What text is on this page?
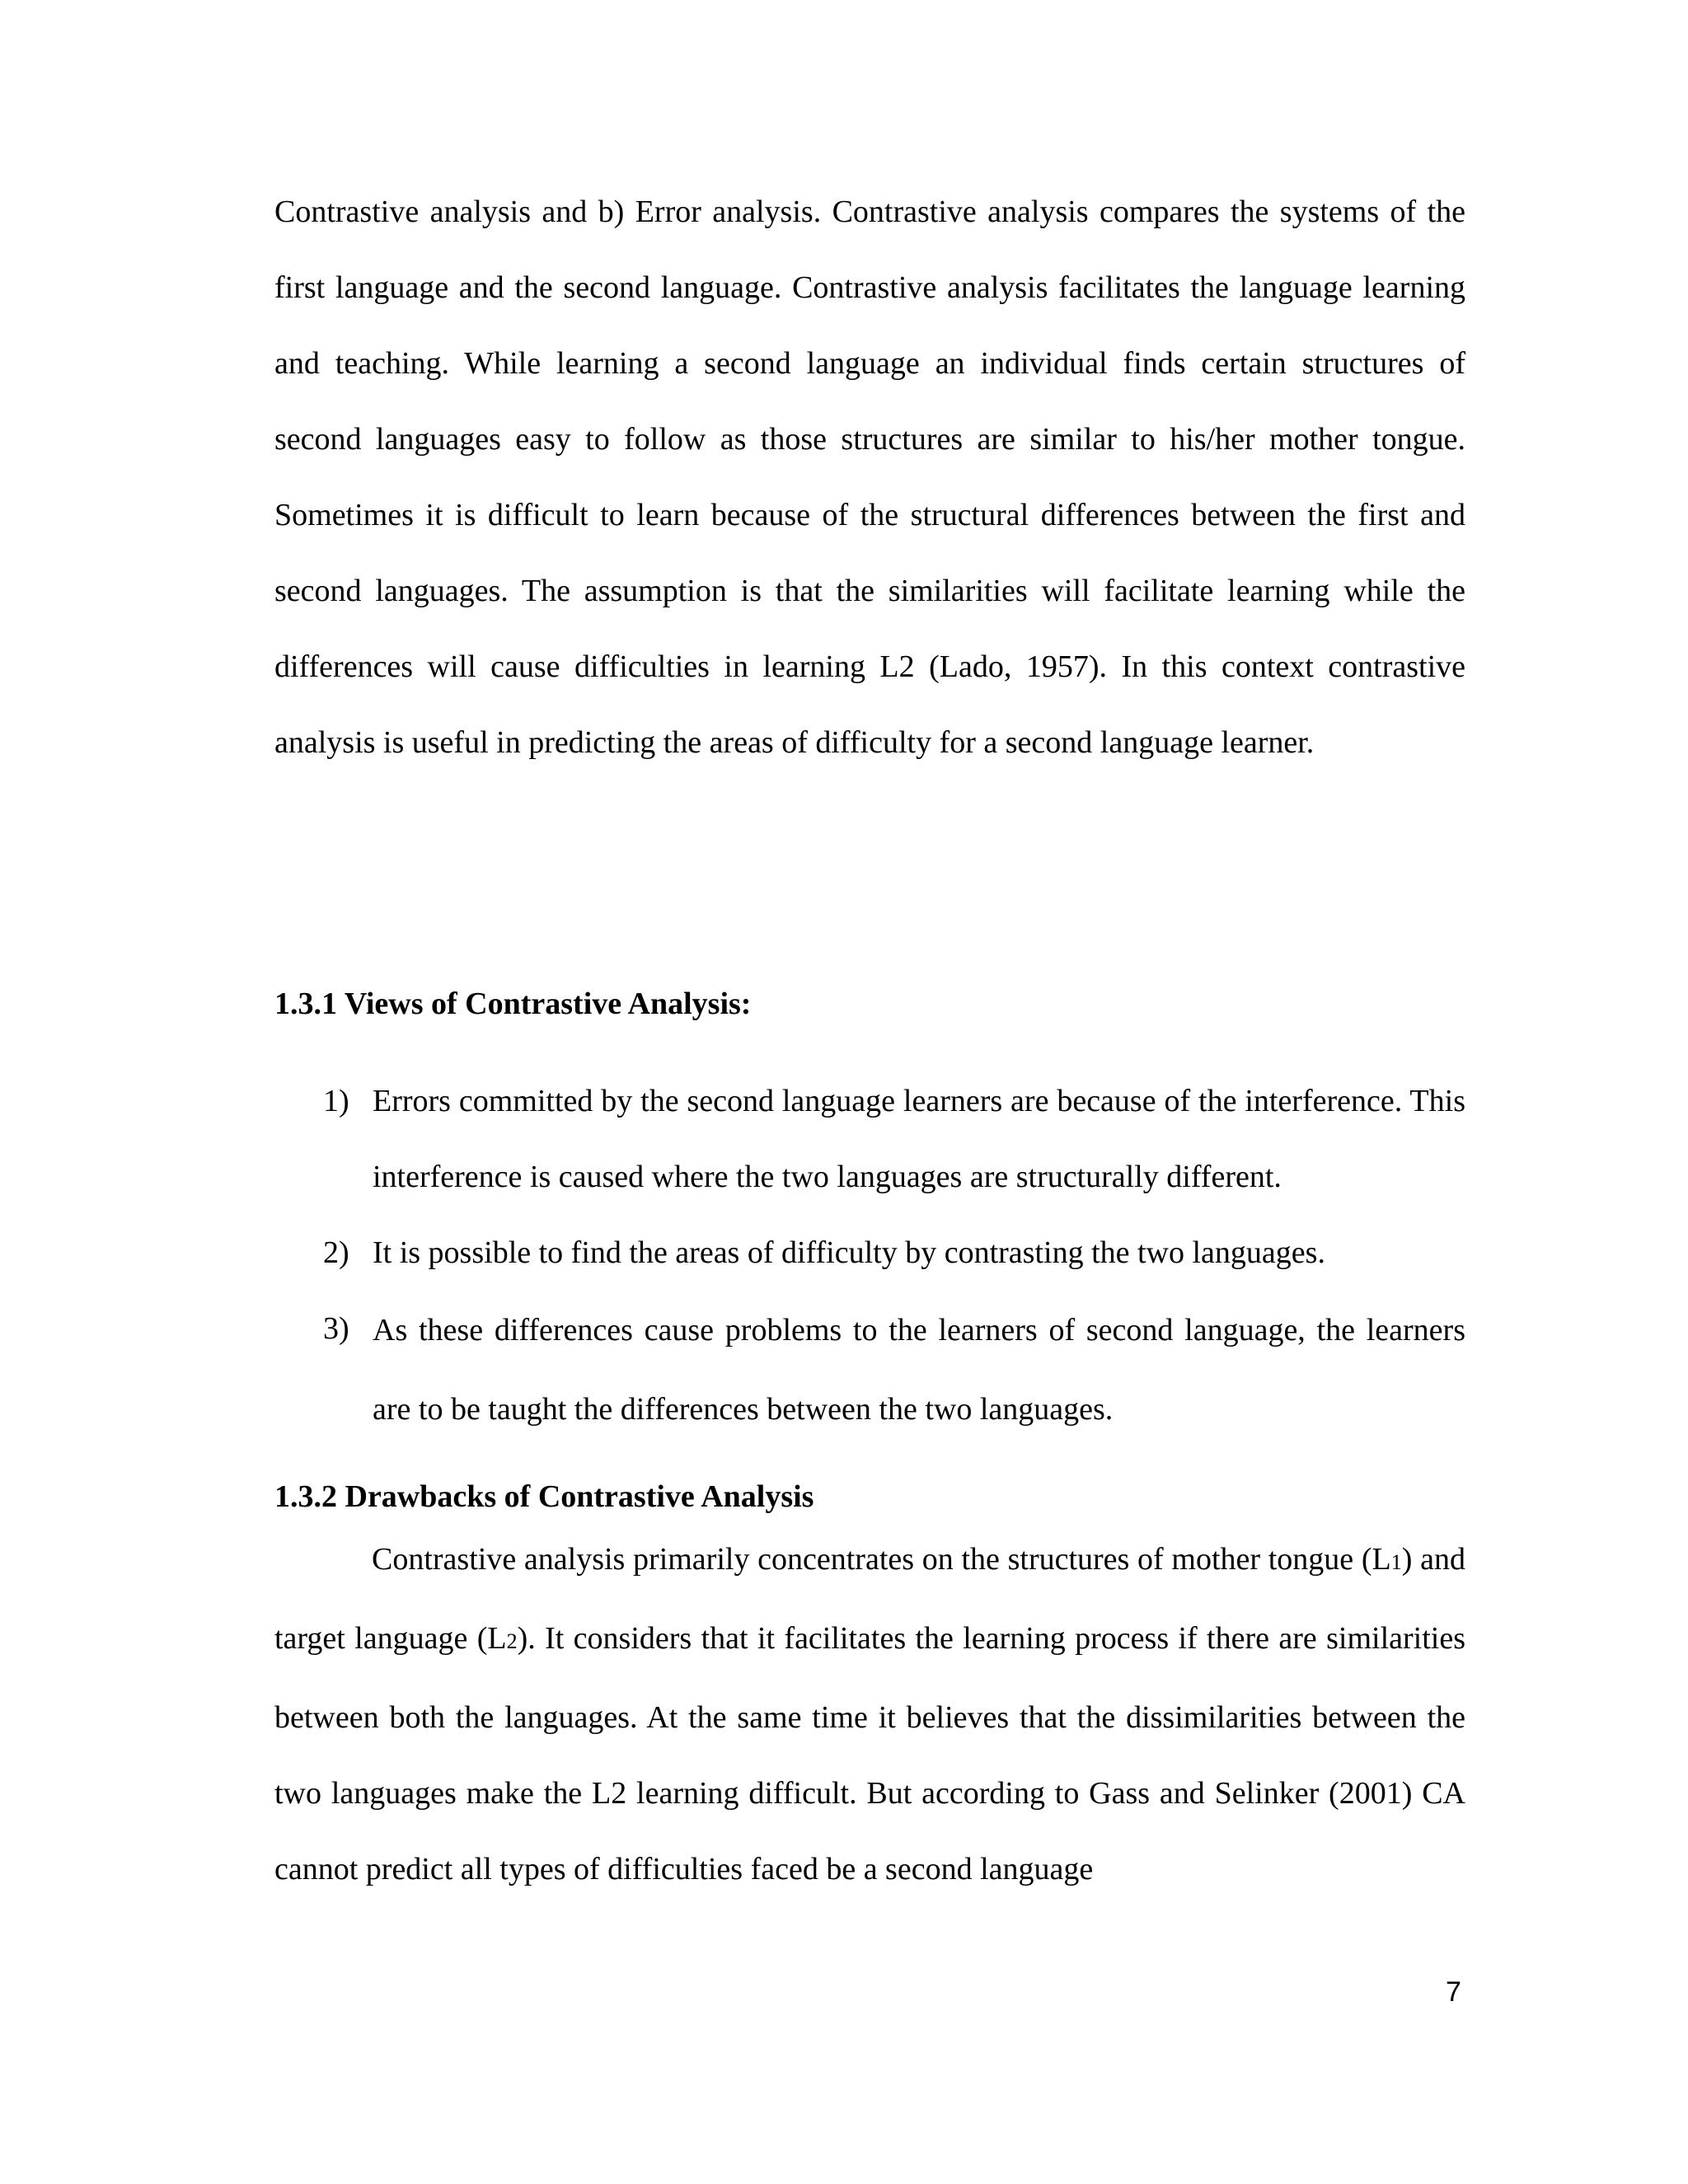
Contrastive analysis and b) Error analysis. Contrastive analysis compares the systems of the first language and the second language. Contrastive analysis facilitates the language learning and teaching. While learning a second language an individual finds certain structures of second languages easy to follow as those structures are similar to his/her mother tongue. Sometimes it is difficult to learn because of the structural differences between the first and second languages. The assumption is that the similarities will facilitate learning while the differences will cause difficulties in learning L2 (Lado, 1957). In this context contrastive analysis is useful in predicting the areas of difficulty for a second language learner.
1.3.1 Views of Contrastive Analysis:
1) Errors committed by the second language learners are because of the interference. This interference is caused where the two languages are structurally different.
2) It is possible to find the areas of difficulty by contrasting the two languages.
3) As these differences cause problems to the learners of second language, the learners are to be taught the differences between the two languages.
1.3.2 Drawbacks of Contrastive Analysis
Contrastive analysis primarily concentrates on the structures of mother tongue (L1) and target language (L2). It considers that it facilitates the learning process if there are similarities between both the languages. At the same time it believes that the dissimilarities between the two languages make the L2 learning difficult. But according to Gass and Selinker (2001) CA cannot predict all types of difficulties faced be a second language
7
